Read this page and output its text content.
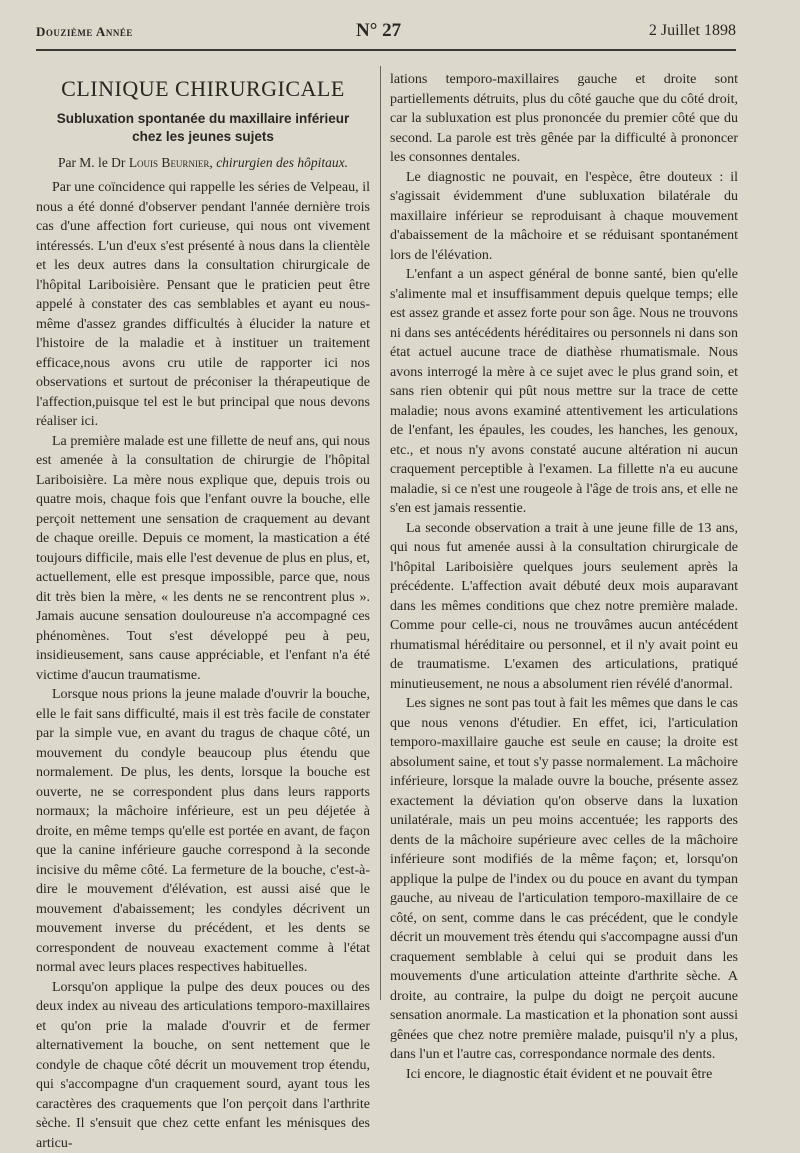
Douzième Année	N° 27	2 Juillet 1898
CLINIQUE CHIRURGICALE
Subluxation spontanée du maxillaire inférieur
chez les jeunes sujets
Par M. le Dr Louis Beurnier, chirurgien des hôpitaux.

Par une coïncidence qui rappelle les séries de Velpeau, il nous a été donné d'observer pendant l'année dernière trois cas d'une affection fort curieuse, qui nous ont vivement intéressés. L'un d'eux s'est présenté à nous dans la clientèle et les deux autres dans la consultation chirurgicale de l'hôpital Lariboisière. Pensant que le praticien peut être appelé à constater des cas semblables et ayant eu nous-même d'assez grandes difficultés à élucider la nature et l'histoire de la maladie et à instituer un traitement efficace,nous avons cru utile de rapporter ici nos observations et surtout de préconiser la thérapeutique de l'affection,puisque tel est le but principal que nous devons réaliser ici.

La première malade est une fillette de neuf ans, qui nous est amenée à la consultation de chirurgie de l'hôpital Lariboisière. La mère nous explique que, depuis trois ou quatre mois, chaque fois que l'enfant ouvre la bouche, elle perçoit nettement une sensation de craquement au devant de chaque oreille. Depuis ce moment, la mastication a été toujours difficile, mais elle l'est devenue de plus en plus, et, actuellement, elle est presque impossible, parce que, nous dit très bien la mère, « les dents ne se rencontrent plus ». Jamais aucune sensation douloureuse n'a accompagné ces phénomènes. Tout s'est développé peu à peu, insidieusement, sans cause appréciable, et l'enfant n'a été victime d'aucun traumatisme.

Lorsque nous prions la jeune malade d'ouvrir la bouche, elle le fait sans difficulté, mais il est très facile de constater par la simple vue, en avant du tragus de chaque côté, un mouvement du condyle beaucoup plus étendu que normalement. De plus, les dents, lorsque la bouche est ouverte, ne se correspondent plus dans leurs rapports normaux; la mâchoire inférieure, est un peu déjetée à droite, en même temps qu'elle est portée en avant, de façon que la canine inférieure gauche correspond à la seconde incisive du même côté. La fermeture de la bouche, c'est-à-dire le mouvement d'élévation, est aussi aisé que le mouvement d'abaissement; les condyles décrivent un mouvement inverse du précédent, et les dents se correspondent de nouveau exactement comme à l'état normal avec leurs places respectives habituelles.

Lorsqu'on applique la pulpe des deux pouces ou des deux index au niveau des articulations temporo-maxillaires et qu'on prie la malade d'ouvrir et de fermer alternativement la bouche, on sent nettement que le condyle de chaque côté décrit un mouvement trop étendu, qui s'accompagne d'un craquement sourd, ayant tous les caractères des craquements que l'on perçoit dans l'arthrite sèche. Il s'ensuit que chez cette enfant les ménisques des articu-

lations temporo-maxillaires gauche et droite sont partiellements détruits, plus du côté gauche que du côté droit, car la subluxation est plus prononcée du premier côté que du second. La parole est très gênée par la difficulté à prononcer les consonnes dentales.

Le diagnostic ne pouvait, en l'espèce, être douteux : il s'agissait évidemment d'une subluxation bilatérale du maxillaire inférieur se reproduisant à chaque mouvement d'abaissement de la mâchoire et se réduisant spontanément lors de l'élévation.

L'enfant a un aspect général de bonne santé, bien qu'elle s'alimente mal et insuffisamment depuis quelque temps; elle est assez grande et assez forte pour son âge. Nous ne trouvons ni dans ses antécédents héréditaires ou personnels ni dans son état actuel aucune trace de diathèse rhumatismale. Nous avons interrogé la mère à ce sujet avec le plus grand soin, et sans rien obtenir qui pût nous mettre sur la trace de cette maladie; nous avons examiné attentivement les articulations de l'enfant, les épaules, les coudes, les hanches, les genoux, etc., et nous n'y avons constaté aucune altération ni aucun craquement perceptible à l'examen. La fillette n'a eu aucune maladie, si ce n'est une rougeole à l'âge de trois ans, et elle ne s'en est jamais ressentie.

La seconde observation a trait à une jeune fille de 13 ans, qui nous fut amenée aussi à la consultation chirurgicale de l'hôpital Lariboisière quelques jours seulement après la précédente. L'affection avait débuté deux mois auparavant dans les mêmes conditions que chez notre première malade. Comme pour celle-ci, nous ne trouvâmes aucun antécédent rhumatismal héréditaire ou personnel, et il n'y avait point eu de traumatisme. L'examen des articulations, pratiqué minutieusement, ne nous a absolument rien révélé d'anormal.

Les signes ne sont pas tout à fait les mêmes que dans le cas que nous venons d'étudier. En effet, ici, l'articulation temporo-maxillaire gauche est seule en cause; la droite est absolument saine, et tout s'y passe normalement. La mâchoire inférieure, lorsque la malade ouvre la bouche, présente assez exactement la déviation qu'on observe dans la luxation unilatérale, mais un peu moins accentuée; les rapports des dents de la mâchoire supérieure avec celles de la mâchoire inférieure sont modifiés de la même façon; et, lorsqu'on applique la pulpe de l'index ou du pouce en avant du tympan gauche, au niveau de l'articulation temporo-maxillaire de ce côté, on sent, comme dans le cas précédent, que le condyle décrit un mouvement très étendu qui s'accompagne aussi d'un craquement semblable à celui qui se produit dans les mouvements d'une articulation atteinte d'arthrite sèche. A droite, au contraire, la pulpe du doigt ne perçoit aucune sensation anormale. La mastication et la phonation sont aussi gênées que chez notre première malade, puisqu'il n'y a plus, dans l'un et l'autre cas, correspondance normale des dents.

Ici encore, le diagnostic était évident et ne pouvait être
